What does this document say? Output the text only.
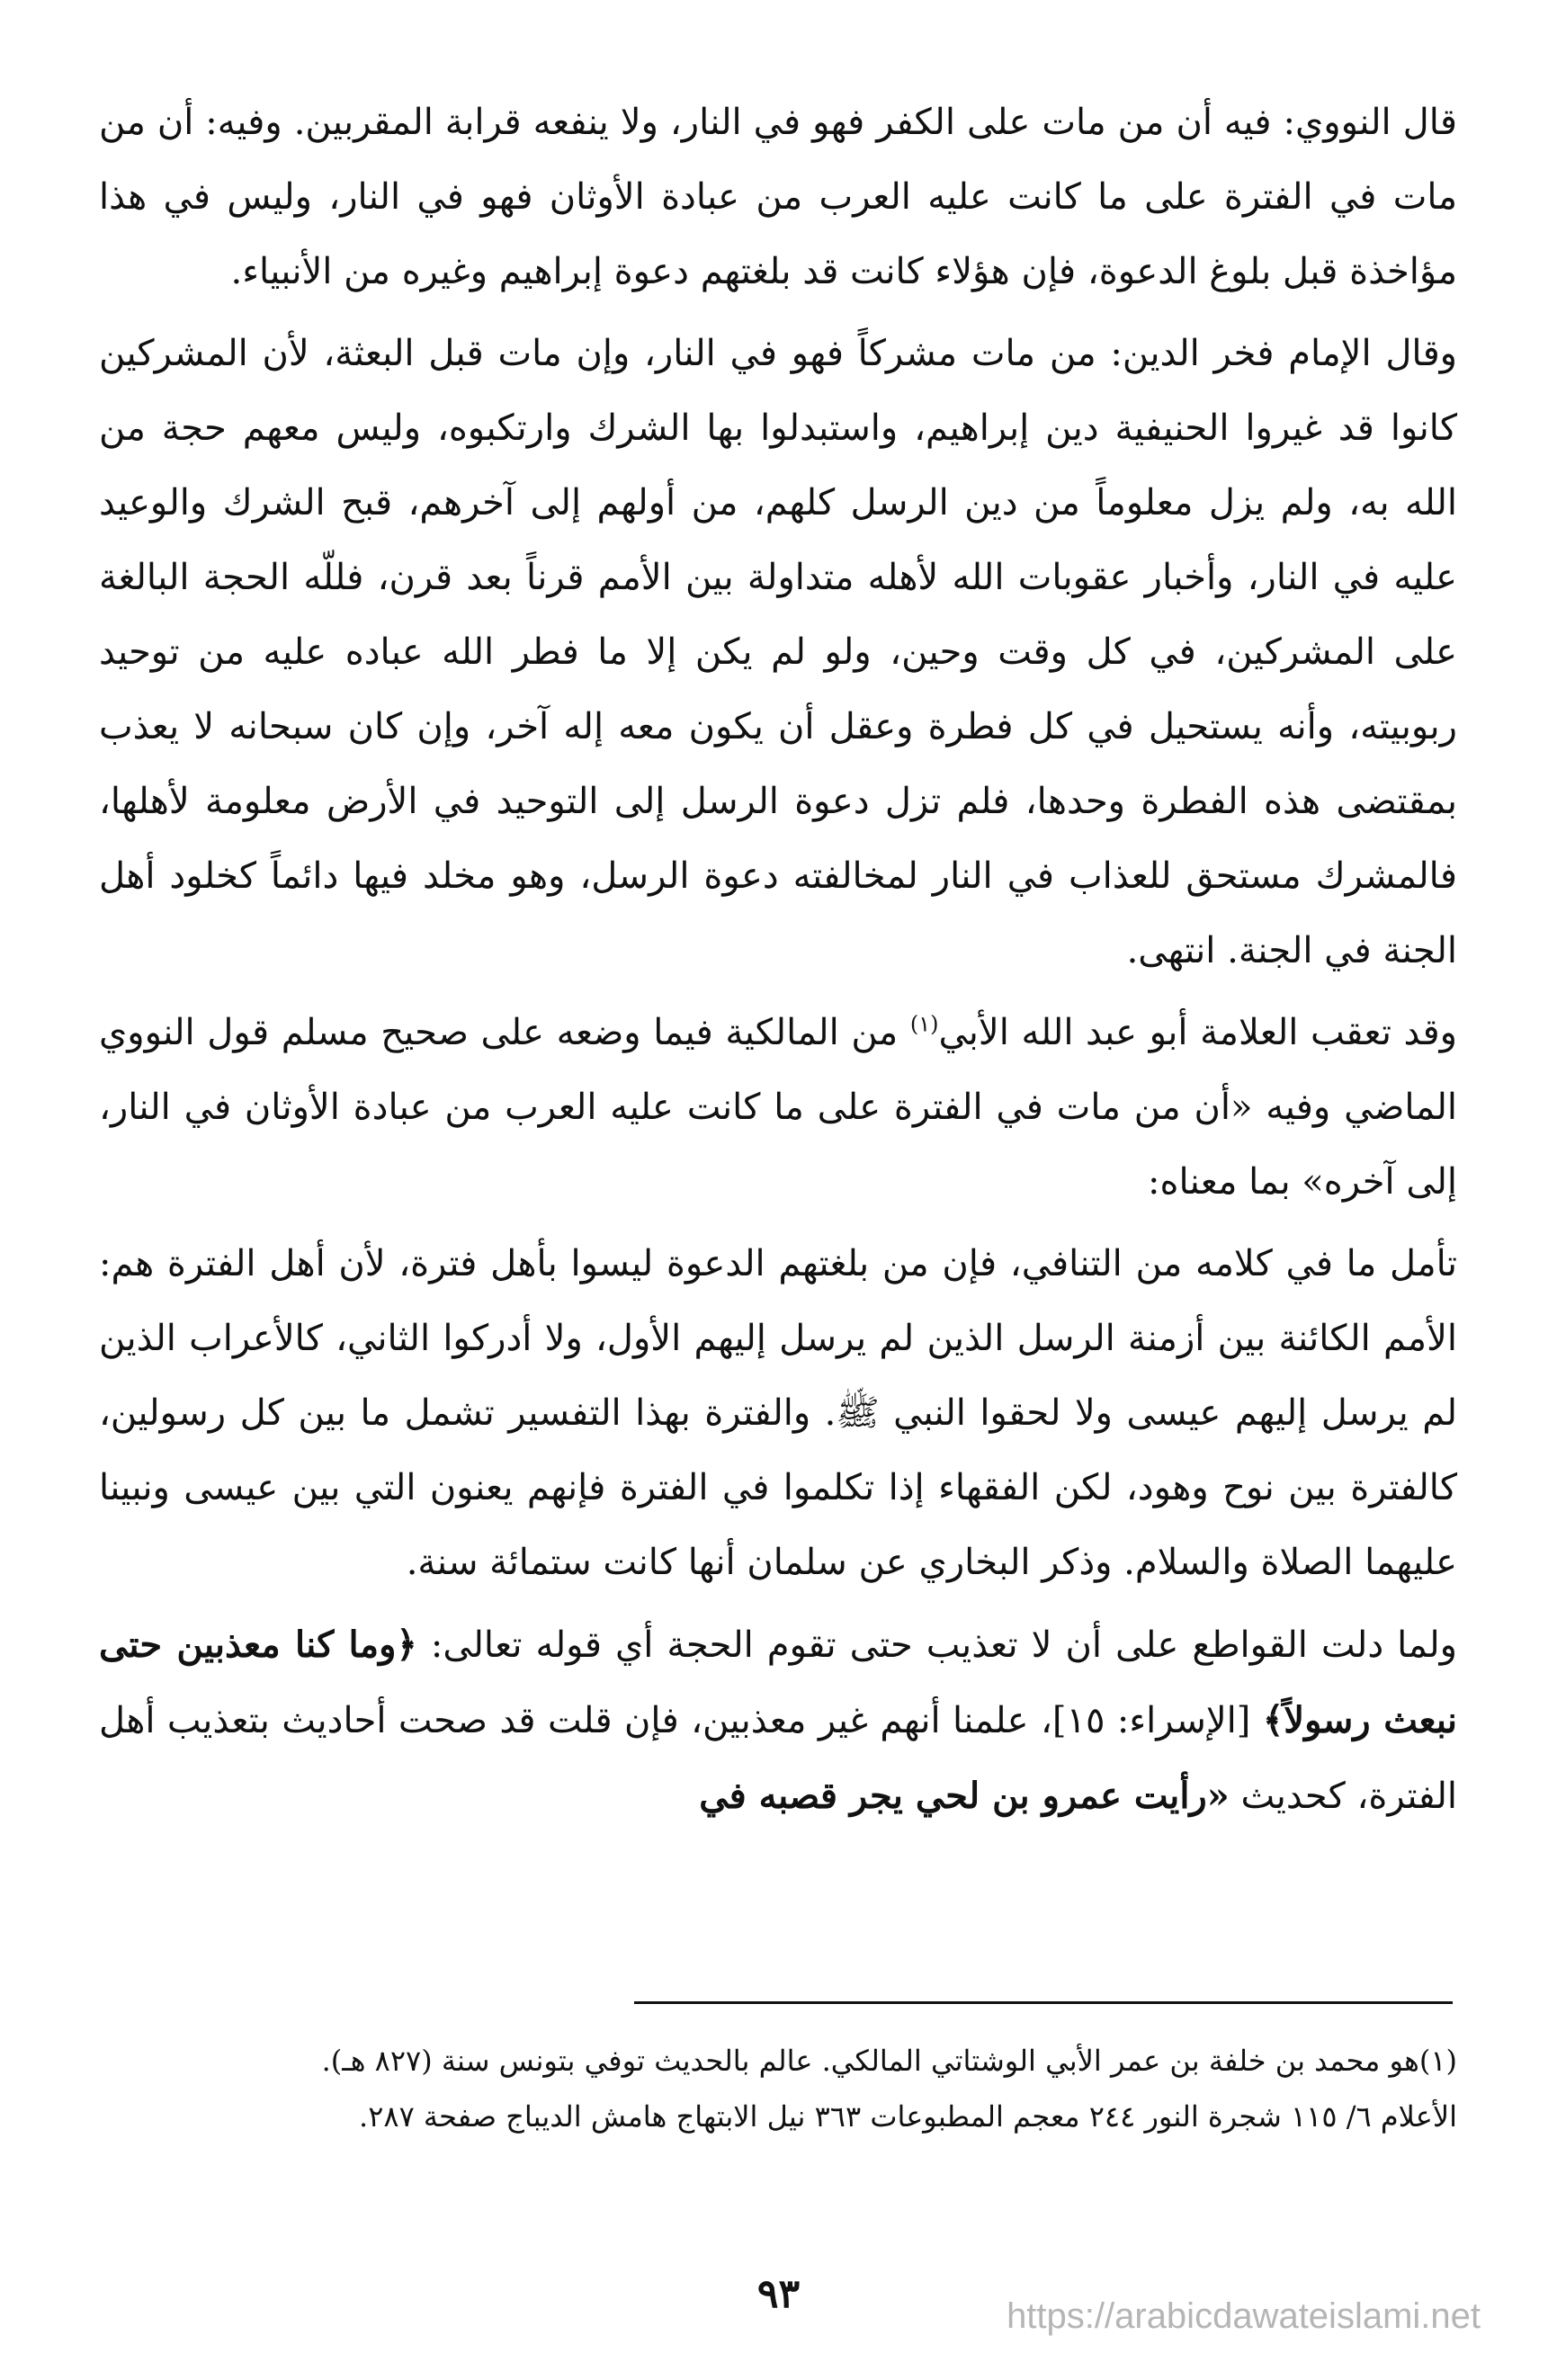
قال النووي: فيه أن من مات على الكفر فهو في النار، ولا ينفعه قرابة المقربين. وفيه: أن من مات في الفترة على ما كانت عليه العرب من عبادة الأوثان فهو في النار، وليس في هذا مؤاخذة قبل بلوغ الدعوة، فإن هؤلاء كانت قد بلغتهم دعوة إبراهيم وغيره من الأنبياء.

وقال الإمام فخر الدين: من مات مشركاً فهو في النار، وإن مات قبل البعثة، لأن المشركين كانوا قد غيروا الحنيفية دين إبراهيم، واستبدلوا بها الشرك وارتكبوه، وليس معهم حجة من الله به، ولم يزل معلوماً من دين الرسل كلهم، من أولهم إلى آخرهم، قبح الشرك والوعيد عليه في النار، وأخبار عقوبات الله لأهله متداولة بين الأمم قرناً بعد قرن، فللّه الحجة البالغة على المشركين، في كل وقت وحين، ولو لم يكن إلا ما فطر الله عباده عليه من توحيد ربوبيته، وأنه يستحيل في كل فطرة وعقل أن يكون معه إله آخر، وإن كان سبحانه لا يعذب بمقتضى هذه الفطرة وحدها، فلم تزل دعوة الرسل إلى التوحيد في الأرض معلومة لأهلها، فالمشرك مستحق للعذاب في النار لمخالفته دعوة الرسل، وهو مخلد فيها دائماً كخلود أهل الجنة في الجنة. انتهى.

وقد تعقب العلامة أبو عبد الله الأبي$^{(١)}$ من المالكية فيما وضعه على صحيح مسلم قول النووي الماضي وفيه «أن من مات في الفترة على ما كانت عليه العرب من عبادة الأوثان في النار، إلى آخره» بما معناه:

تأمل ما في كلامه من التنافي، فإن من بلغتهم الدعوة ليسوا بأهل فترة، لأن أهل الفترة هم: الأمم الكائنة بين أزمنة الرسل الذين لم يرسل إليهم الأول، ولا أدركوا الثاني، كالأعراب الذين لم يرسل إليهم عيسى ولا لحقوا النبي ﷺ. والفترة بهذا التفسير تشمل ما بين كل رسولين، كالفترة بين نوح وهود، لكن الفقهاء إذا تكلموا في الفترة فإنهم يعنون التي بين عيسى ونبينا عليهما الصلاة والسلام. وذكر البخاري عن سلمان أنها كانت ستمائة سنة.

ولما دلت القواطع على أن لا تعذيب حتى تقوم الحجة أي قوله تعالى: ﴿وما كنا معذبين حتى نبعث رسولاً﴾ [الإسراء: ١٥]، علمنا أنهم غير معذبين، فإن قلت قد صحت أحاديث بتعذيب أهل الفترة، كحديث «رأيت عمرو بن لحي يجر قصبه في

(١)هو محمد بن خلفة بن عمر الأبي الوشتاتي المالكي. عالم بالحديث توفي بتونس سنة (٨٢٧ هـ).

الأعلام ٦/ ١١٥ شجرة النور ٢٤٤ معجم المطبوعات ٣٦٣ نيل الابتهاج هامش الديباج صفحة ٢٨٧.

٩٣	https://arabicdawateislami.net
